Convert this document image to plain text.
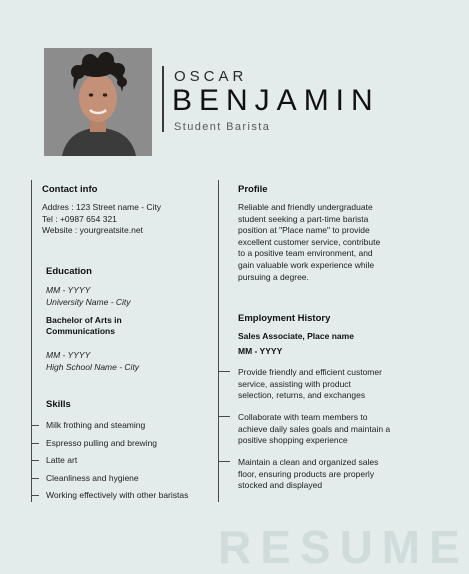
OSCAR
BENJAMIN
Student Barista
Contact info
Addres : 123 Street name - City
Tel : +0987 654 321
Website : yourgreatsite.net
Education
MM - YYYY
University Name - City
Bachelor of Arts in
Communications
MM - YYYY
High School Name - City
Skills
Milk frothing and steaming
Espresso pulling and brewing
Latte art
Cleanliness and hygiene
Working effectively with other baristas
Profile
Reliable and friendly undergraduate
student seeking a part-time barista
position at "Place name" to provide
excellent customer service, contribute
to a positive team environment, and
gain valuable work experience while
pursuing a degree.
Employment History
Sales Associate, Place name
MM - YYYY
Provide friendly and efficient customer
service, assisting with product
selection, returns, and exchanges
Collaborate with team members to
achieve daily sales goals and maintain a
positive shopping experience
Maintain a clean and organized sales
floor, ensuring products are properly
stocked and displayed
RESUME
